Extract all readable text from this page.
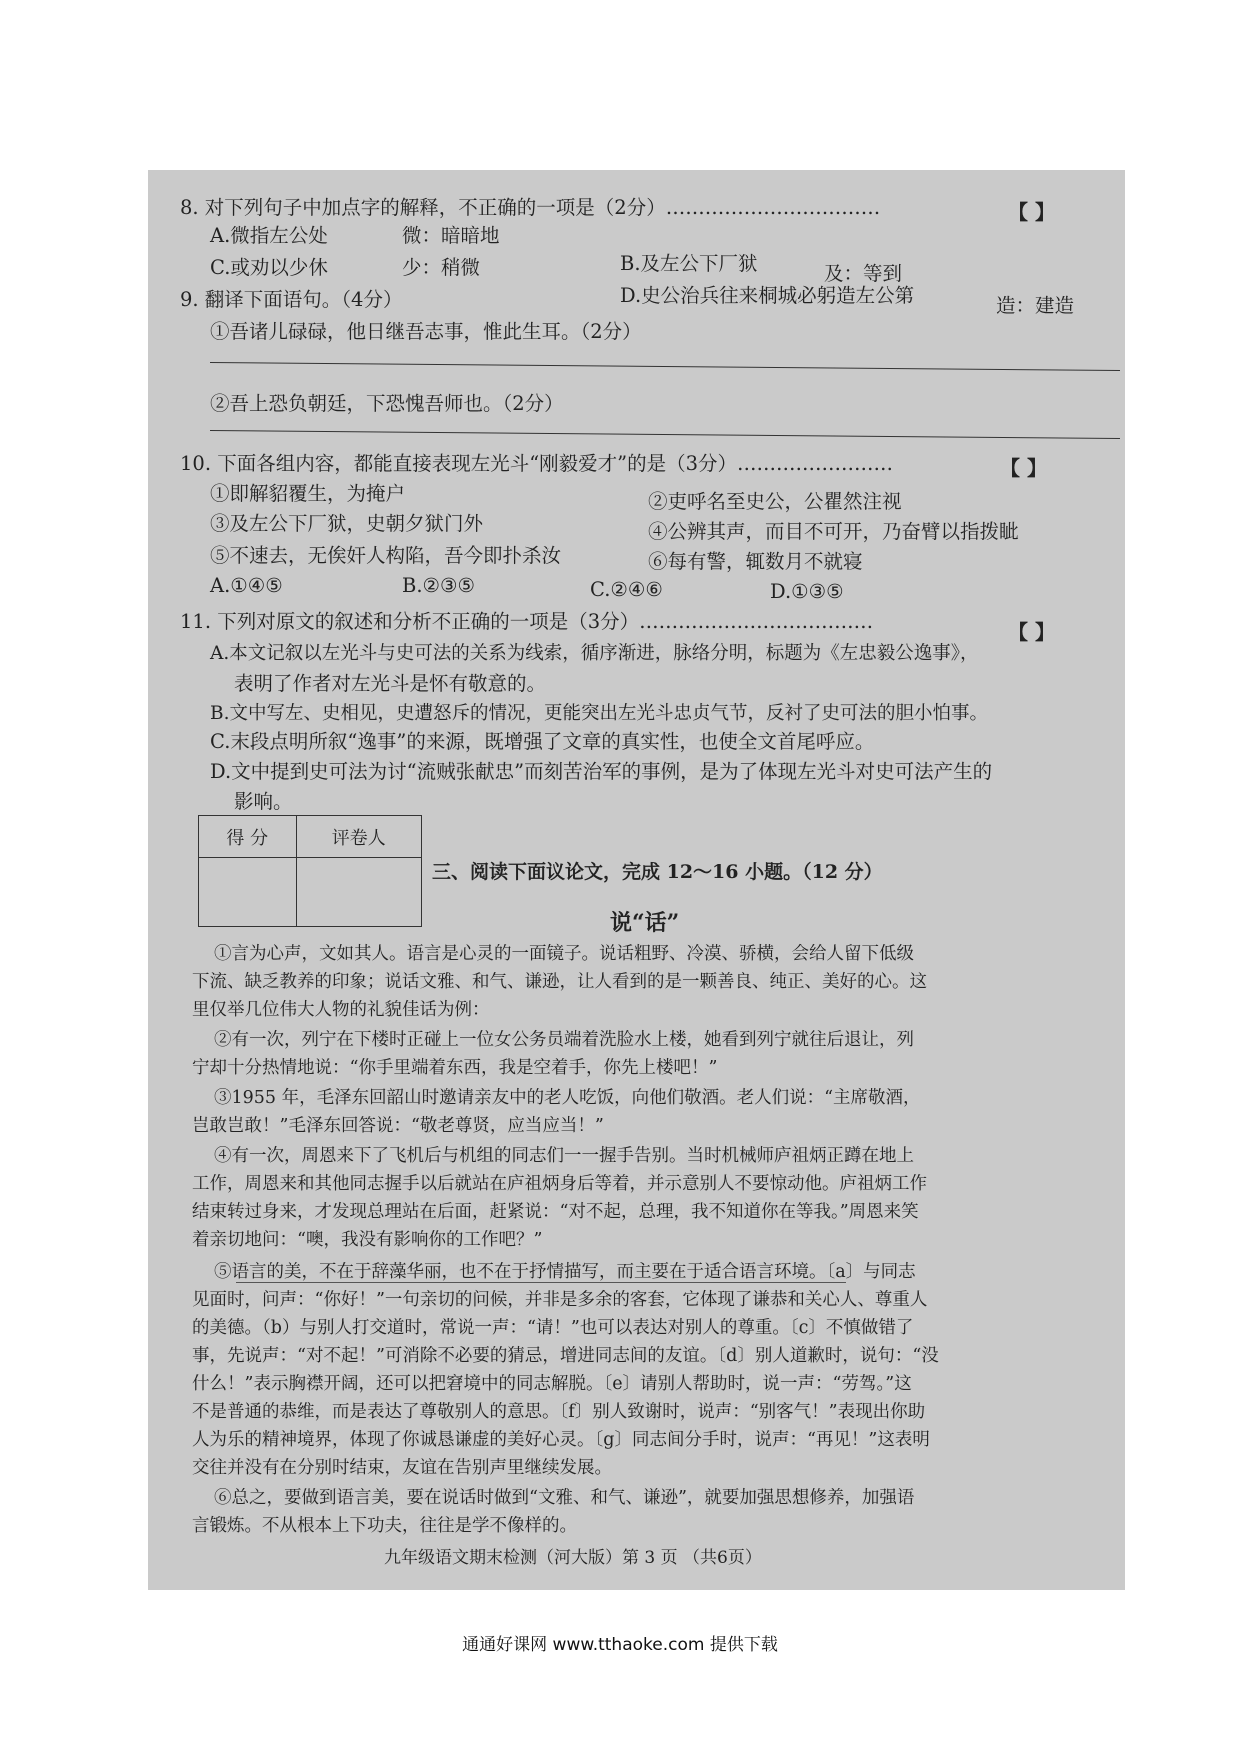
8. 对下列句子中加点字的解释，不正确的一项是（2分）……………………………	【 】
A.微指左公处	微：暗暗地
C.或劝以少休	少：稍微	B.及左公下厂狱	及：等到
D.史公治兵往来桐城必躬造左公第	造：建造
9. 翻译下面语句。（4分）
①吾诸儿碌碌，他日继吾志事，惟此生耳。（2分）
②吾上恐负朝廷，下恐愧吾师也。（2分）
10. 下面各组内容，都能直接表现左光斗“刚毅爱才”的是（3分）……………………	【 】
①即解貂覆生，为掩户	②吏呼名至史公，公瞿然注视
③及左公下厂狱，史朝夕狱门外	④公辨其声，而目不可开，乃奋臂以指拨眦
⑤不速去，无俟奸人构陷，吾今即扑杀汝	⑥每有警，辄数月不就寝
A.①④⑤	B.②③⑤	C.②④⑥	D.①③⑤
11. 下列对原文的叙述和分析不正确的一项是（3分）………………………………	【 】
A.本文记叙以左光斗与史可法的关系为线索，循序渐进，脉络分明，标题为《左忠毅公逸事》，
表明了作者对左光斗是怀有敬意的。
B.文中写左、史相见，史遭怒斥的情况，更能突出左光斗忠贞气节，反衬了史可法的胆小怕事。
C.末段点明所叙“逸事”的来源，既增强了文章的真实性，也使全文首尾呼应。
D.文中提到史可法为讨“流贼张献忠”而刻苦治军的事例，是为了体现左光斗对史可法产生的
影响。
得 分	评卷人

三、阅读下面议论文，完成 12～16 小题。（12 分）
说“话”
①言为心声，文如其人。语言是心灵的一面镜子。说话粗野、冷漠、骄横，会给人留下低级
下流、缺乏教养的印象；说话文雅、和气、谦逊，让人看到的是一颗善良、纯正、美好的心。这
里仅举几位伟大人物的礼貌佳话为例：
②有一次，列宁在下楼时正碰上一位女公务员端着洗脸水上楼，她看到列宁就往后退让，列
宁却十分热情地说：“你手里端着东西，我是空着手，你先上楼吧！”
③1955 年，毛泽东回韶山时邀请亲友中的老人吃饭，向他们敬酒。老人们说：“主席敬酒，
岂敢岂敢！”毛泽东回答说：“敬老尊贤，应当应当！”
④有一次，周恩来下了飞机后与机组的同志们一一握手告别。当时机械师庐祖炳正蹲在地上
工作，周恩来和其他同志握手以后就站在庐祖炳身后等着，并示意别人不要惊动他。庐祖炳工作
结束转过身来，才发现总理站在后面，赶紧说：“对不起，总理，我不知道你在等我。”周恩来笑
着亲切地问：“噢，我没有影响你的工作吧？”
⑤语言的美，不在于辞藻华丽，也不在于抒情描写，而主要在于适合语言环境。〔a〕与同志
见面时，问声：“你好！”一句亲切的问候，并非是多余的客套，它体现了谦恭和关心人、尊重人
的美德。（b）与别人打交道时，常说一声：“请！”也可以表达对别人的尊重。〔c〕不慎做错了
事，先说声：“对不起！”可消除不必要的猜忌，增进同志间的友谊。〔d〕别人道歉时，说句：“没
什么！”表示胸襟开阔，还可以把窘境中的同志解脱。〔e〕请别人帮助时，说一声：“劳驾。”这
不是普通的恭维，而是表达了尊敬别人的意思。〔f〕别人致谢时，说声：“别客气！”表现出你助
人为乐的精神境界，体现了你诚恳谦虚的美好心灵。〔g〕同志间分手时，说声：“再见！”这表明
交往并没有在分别时结束，友谊在告别声里继续发展。
⑥总之，要做到语言美，要在说话时做到“文雅、和气、谦逊”，就要加强思想修养，加强语
言锻炼。不从根本上下功夫，往往是学不像样的。
九年级语文期末检测（河大版）第 3 页 （共6页）
通通好课网 www.tthaoke.com 提供下载
